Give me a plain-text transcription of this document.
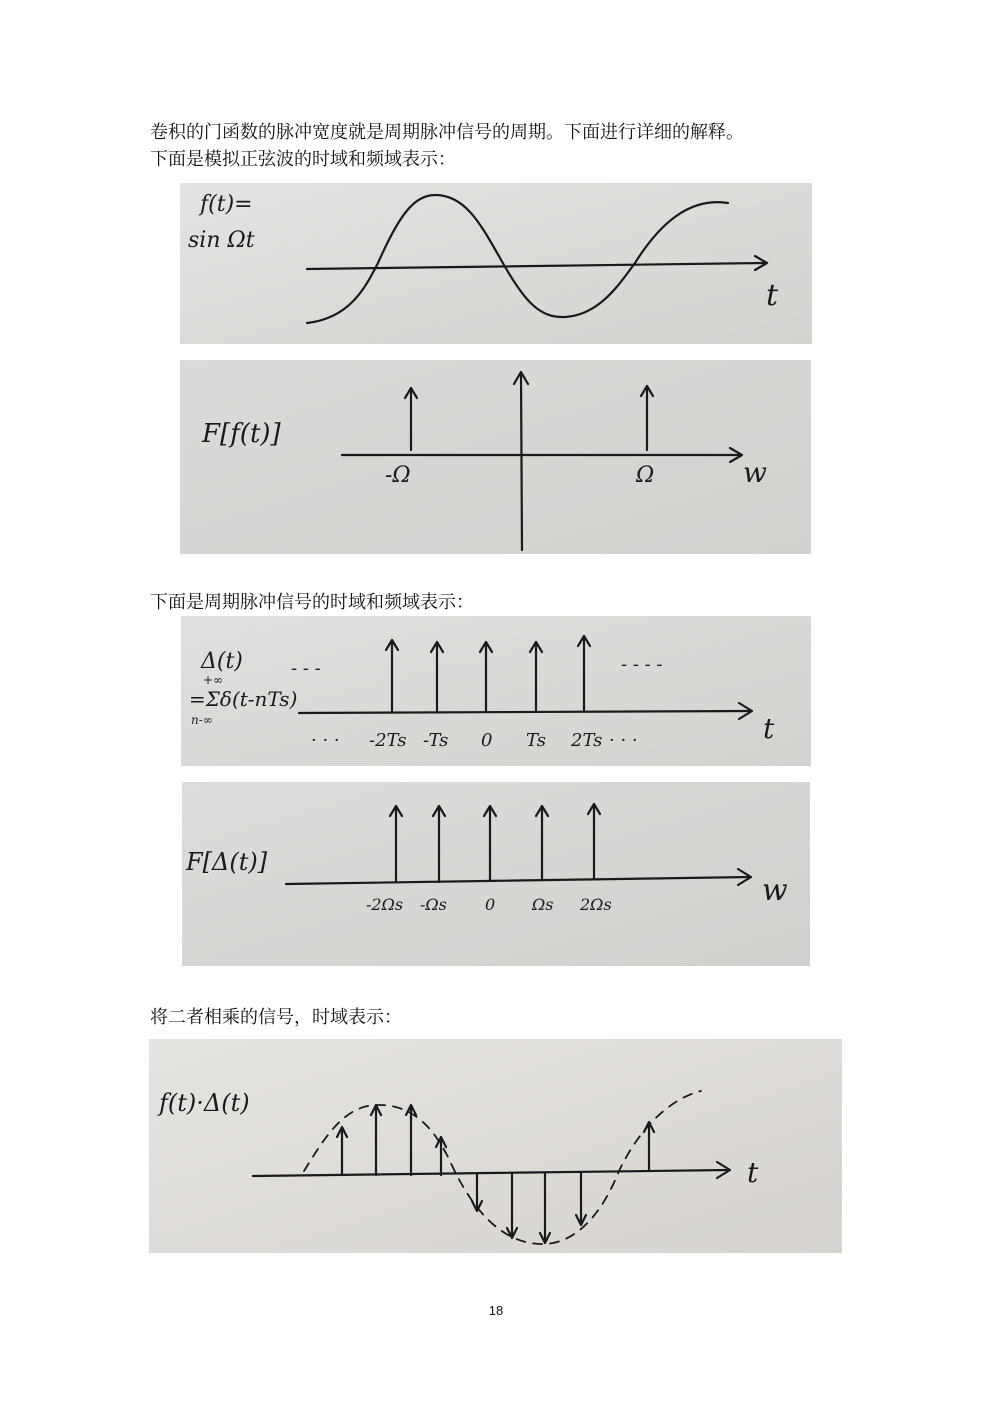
卷积的门函数的脉冲宽度就是周期脉冲信号的周期。下面进行详细的解释。
下面是模拟正弦波的时域和频域表示：
f(t)=
sin Ωt
t
F[f(t)]
-Ω	Ω	w
下面是周期脉冲信号的时域和频域表示：
Δ(t)
+∞
=Σδ(t-nTs)
n-∞
- - -	- - - -
· · · -2Ts -Ts 0 Ts 2Ts · · ·	t
F[Δ(t)]
-2Ωs -Ωs 0 Ωs 2Ωs	w
将二者相乘的信号，时域表示：
f(t)·Δ(t)
t
18
